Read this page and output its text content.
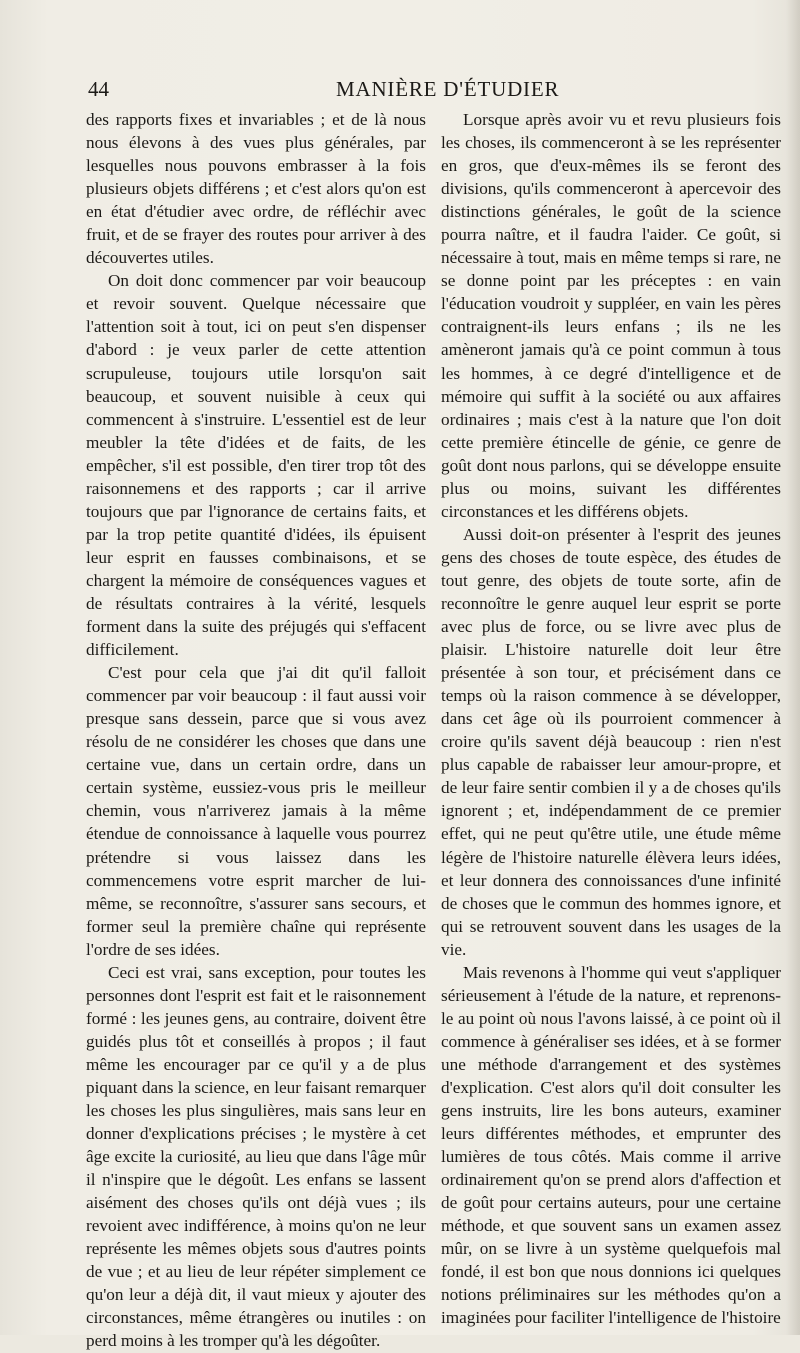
44	MANIÈRE D'ÉTUDIER

des rapports fixes et invariables ; et de là nous nous élevons à des vues plus générales, par lesquelles nous pouvons embrasser à la fois plusieurs objets différens ; et c'est alors qu'on est en état d'étudier avec ordre, de réfléchir avec fruit, et de se frayer des routes pour arriver à des découvertes utiles.

On doit donc commencer par voir beaucoup et revoir souvent. Quelque nécessaire que l'attention soit à tout, ici on peut s'en dispenser d'abord : je veux parler de cette attention scrupuleuse, toujours utile lorsqu'on sait beaucoup, et souvent nuisible à ceux qui commencent à s'instruire. L'essentiel est de leur meubler la tête d'idées et de faits, de les empêcher, s'il est possible, d'en tirer trop tôt des raisonnemens et des rapports ; car il arrive toujours que par l'ignorance de certains faits, et par la trop petite quantité d'idées, ils épuisent leur esprit en fausses combinaisons, et se chargent la mémoire de conséquences vagues et de résultats contraires à la vérité, lesquels forment dans la suite des préjugés qui s'effacent difficilement.

C'est pour cela que j'ai dit qu'il falloit commencer par voir beaucoup : il faut aussi voir presque sans dessein, parce que si vous avez résolu de ne considérer les choses que dans une certaine vue, dans un certain ordre, dans un certain système, eussiez-vous pris le meilleur chemin, vous n'arriverez jamais à la même étendue de connoissance à laquelle vous pourrez prétendre si vous laissez dans les commencemens votre esprit marcher de lui-même, se reconnoître, s'assurer sans secours, et former seul la première chaîne qui représente l'ordre de ses idées.

Ceci est vrai, sans exception, pour toutes les personnes dont l'esprit est fait et le raisonnement formé : les jeunes gens, au contraire, doivent être guidés plus tôt et conseillés à propos ; il faut même les encourager par ce qu'il y a de plus piquant dans la science, en leur faisant remarquer les choses les plus singulières, mais sans leur en donner d'explications précises ; le mystère à cet âge excite la curiosité, au lieu que dans l'âge mûr il n'inspire que le dégoût. Les enfans se lassent aisément des choses qu'ils ont déjà vues ; ils revoient avec indifférence, à moins qu'on ne leur représente les mêmes objets sous d'autres points de vue ; et au lieu de leur répéter simplement ce qu'on leur a déjà dit, il vaut mieux y ajouter des circonstances, même étrangères ou inutiles : on perd moins à les tromper qu'à les dégoûter.

Lorsque après avoir vu et revu plusieurs fois les choses, ils commenceront à se les représenter en gros, que d'eux-mêmes ils se feront des divisions, qu'ils commenceront à apercevoir des distinctions générales, le goût de la science pourra naître, et il faudra l'aider. Ce goût, si nécessaire à tout, mais en même temps si rare, ne se donne point par les préceptes : en vain l'éducation voudroit y suppléer, en vain les pères contraignent-ils leurs enfans ; ils ne les amèneront jamais qu'à ce point commun à tous les hommes, à ce degré d'intelligence et de mémoire qui suffit à la société ou aux affaires ordinaires ; mais c'est à la nature que l'on doit cette première étincelle de génie, ce genre de goût dont nous parlons, qui se développe ensuite plus ou moins, suivant les différentes circonstances et les différens objets.

Aussi doit-on présenter à l'esprit des jeunes gens des choses de toute espèce, des études de tout genre, des objets de toute sorte, afin de reconnoître le genre auquel leur esprit se porte avec plus de force, ou se livre avec plus de plaisir. L'histoire naturelle doit leur être présentée à son tour, et précisément dans ce temps où la raison commence à se développer, dans cet âge où ils pourroient commencer à croire qu'ils savent déjà beaucoup : rien n'est plus capable de rabaisser leur amour-propre, et de leur faire sentir combien il y a de choses qu'ils ignorent ; et, indépendamment de ce premier effet, qui ne peut qu'être utile, une étude même légère de l'histoire naturelle élèvera leurs idées, et leur donnera des connoissances d'une infinité de choses que le commun des hommes ignore, et qui se retrouvent souvent dans les usages de la vie.

Mais revenons à l'homme qui veut s'appliquer sérieusement à l'étude de la nature, et reprenons-le au point où nous l'avons laissé, à ce point où il commence à généraliser ses idées, et à se former une méthode d'arrangement et des systèmes d'explication. C'est alors qu'il doit consulter les gens instruits, lire les bons auteurs, examiner leurs différentes méthodes, et emprunter des lumières de tous côtés. Mais comme il arrive ordinairement qu'on se prend alors d'affection et de goût pour certains auteurs, pour une certaine méthode, et que souvent sans un examen assez mûr, on se livre à un système quelquefois mal fondé, il est bon que nous donnions ici quelques notions préliminaires sur les méthodes qu'on a imaginées pour faciliter l'intelligence de l'histoire
